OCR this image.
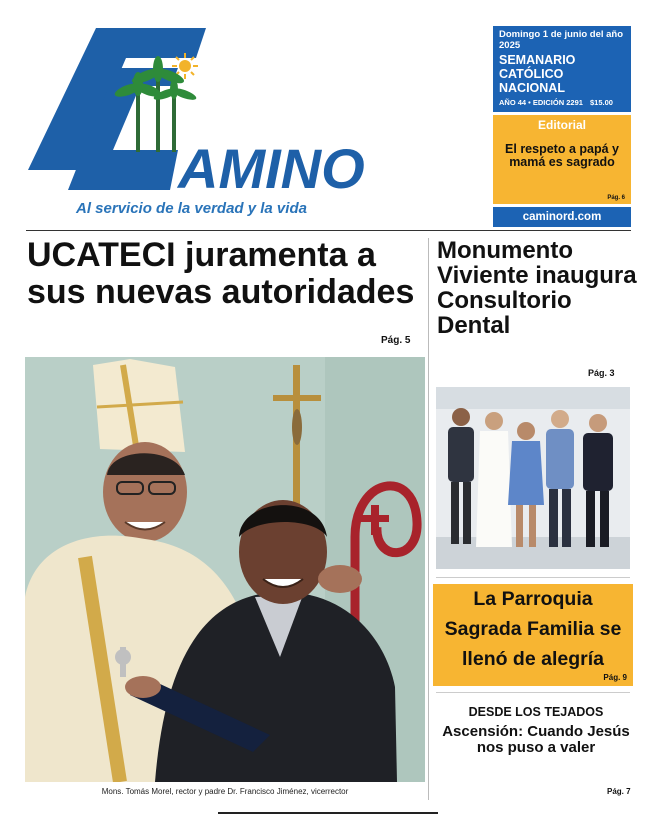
AMINO
Al servicio de la verdad y la vida
Domingo 1 de junio del año 2025
SEMANARIO CATÓLICO NACIONAL
AÑO 44 • EDICIÓN 2291 $15.00
Editorial
El respeto a papá y mamá es sagrado
Pág. 6
caminord.com
UCATECI juramenta a sus nuevas autoridades
Pág. 5
Mons. Tomás Morel, rector y padre Dr. Francisco Jiménez, vicerrector
Monumento Viviente inaugura Consultorio Dental
Pág. 3
La Parroquia Sagrada Familia se llenó de alegría
Pág. 9
DESDE LOS TEJADOS
Ascensión: Cuando Jesús nos puso a valer
Pág. 7
